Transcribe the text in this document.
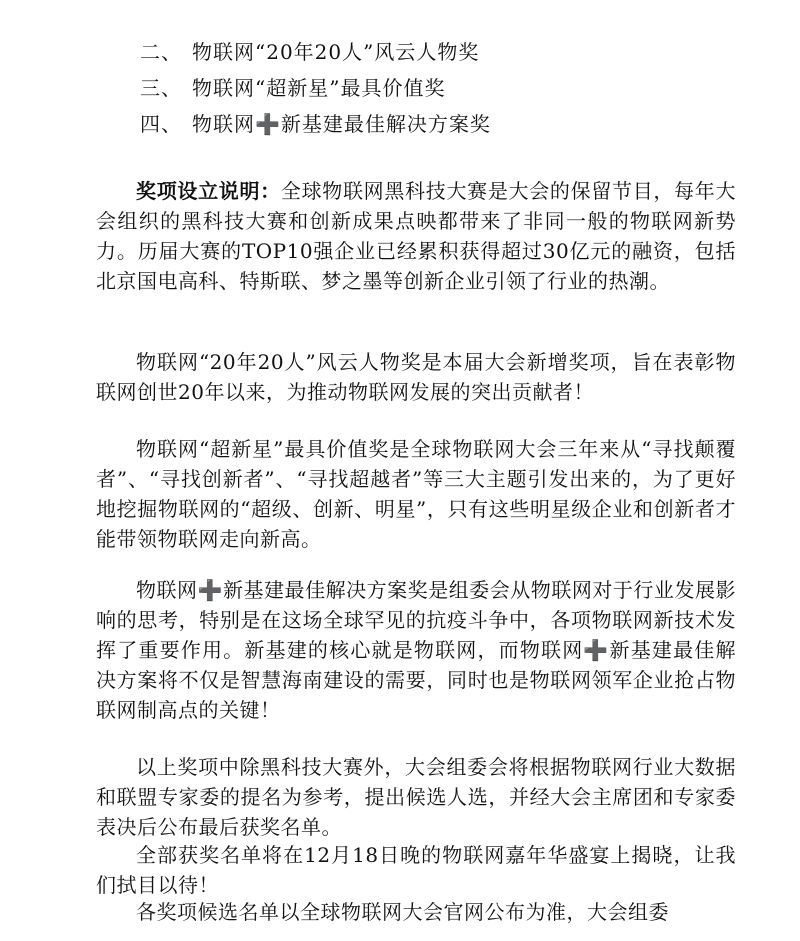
二、 物联网“20年20人”风云人物奖
三、 物联网“超新星”最具价值奖
四、 物联网➕新基建最佳解决方案奖

奖项设立说明：全球物联网黑科技大赛是大会的保留节目，每年大会组织的黑科技大赛和创新成果点映都带来了非同一般的物联网新势力。历届大赛的TOP10强企业已经累积获得超过30亿元的融资，包括北京国电高科、特斯联、梦之墨等创新企业引领了行业的热潮。

物联网“20年20人”风云人物奖是本届大会新增奖项，旨在表彰物联网创世20年以来，为推动物联网发展的突出贡献者！

物联网“超新星”最具价值奖是全球物联网大会三年来从“寻找颠覆者”、“寻找创新者”、“寻找超越者”等三大主题引发出来的，为了更好地挖掘物联网的“超级、创新、明星”，只有这些明星级企业和创新者才能带领物联网走向新高。

物联网➕新基建最佳解决方案奖是组委会从物联网对于行业发展影响的思考，特别是在这场全球罕见的抗疫斗争中，各项物联网新技术发挥了重要作用。新基建的核心就是物联网，而物联网➕新基建最佳解决方案将不仅是智慧海南建设的需要，同时也是物联网领军企业抢占物联网制高点的关键！

以上奖项中除黑科技大赛外，大会组委会将根据物联网行业大数据和联盟专家委的提名为参考，提出候选人选，并经大会主席团和专家委表决后公布最后获奖名单。

全部获奖名单将在12月18日晚的物联网嘉年华盛宴上揭晓，让我们拭目以待！

各奖项候选名单以全球物联网大会官网公布为准，大会组委
